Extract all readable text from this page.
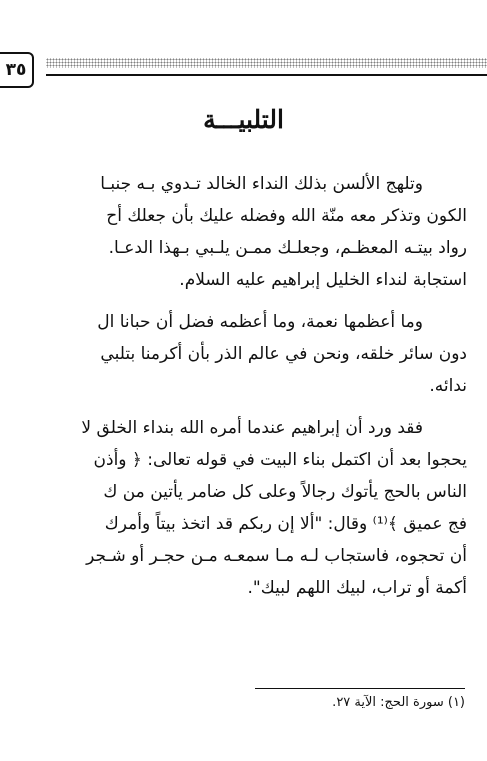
٣٥
التلبيـــة
وتلهج الألسن بذلك النداء الخالد تـدوي بـه جنبـا
الكون وتذكر معه منّة الله وفضله عليك بأن جعلك أح
رواد بيتـه المعظـم، وجعلـك ممـن يلـبي بـهذا الدعـا.
استجابة لنداء الخليل إبراهيم عليه السلام.
وما أعظمها نعمة، وما أعظمه فضل أن حبانا ال
دون سائر خلقه، ونحن في عالم الذر بأن أكرمنا بتلبي
ندائه.
فقد ورد أن إبراهيم عندما أمره الله بنداء الخلق لا
يحجوا بعد أن اكتمل بناء البيت في قوله تعالى: ﴿ وأذن
الناس بالحج يأتوك رجالاً وعلى كل ضامر يأتين من ك
فج عميق ﴾⁽¹⁾ وقال: "ألا إن ربكم قد اتخذ بيتاً وأمرك
أن تحجوه، فاستجاب لـه مـا سمعـه مـن حجـر أو شـجر
أكمة أو تراب، لبيك اللهم لبيك".
(١) سورة الحج: الآية ٢٧.
